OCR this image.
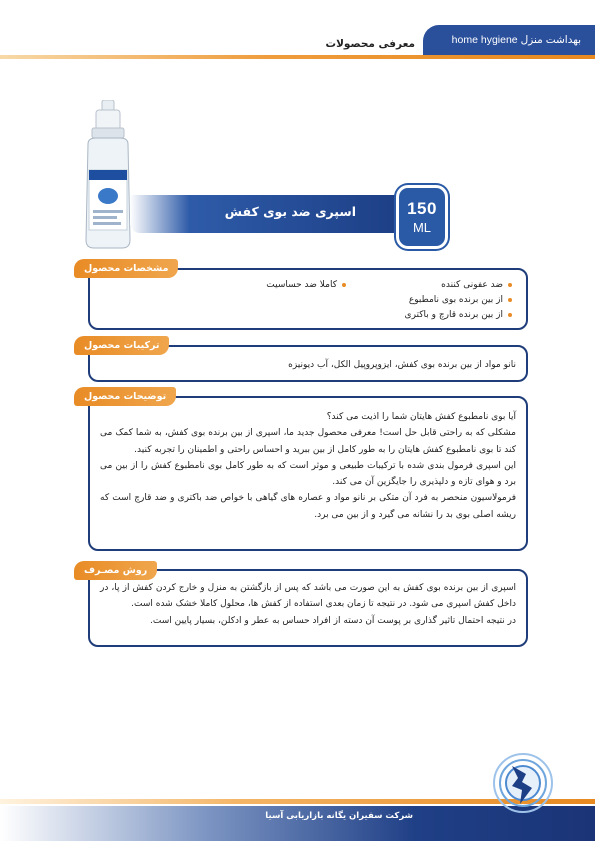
home hygiene بهداشت منزل
معرفی محصولات
اسپری ضد بوی کفش	150
ML
ضد عفونی کننده
کاملا ضد حساسیت
از بین برنده بوی نامطبوع
از بین برنده قارچ و باکتری
مشخصات محصول
نانو مواد از بین برنده بوی کفش، ایزوپروپیل الکل، آب دیونیزه
ترکیبات محصول
آیا بوی نامطبوع کفش هایتان شما را اذیت می کند؟
مشکلی که به راحتی قابل حل است! معرفی محصول جدید ما، اسپری از بین برنده بوی کفش، به شما کمک می کند تا بوی نامطبوع کفش هایتان را به طور کامل از بین ببرید و احساس راحتی و اطمینان را تجربه کنید.
این اسپری فرمول بندی شده با ترکیبات طبیعی و موثر است که به طور کامل بوی نامطبوع کفش را از بین می برد و هوای تازه و دلپذیری را جایگزین آن می کند.
فرمولاسیون منحصر به فرد آن متکی بر نانو مواد و عصاره های گیاهی با خواص ضد باکتری و ضد قارچ است که ریشه اصلی بوی بد را نشانه می گیرد و از بین می برد.
توضیحات محصول
اسپری از بین برنده بوی کفش به این صورت می باشد که پس از بازگشتن به منزل و خارج کردن کفش از پا، در داخل کفش اسپری می شود. در نتیجه تا زمان بعدی استفاده از کفش ها، محلول کاملا خشک شده است.
در نتیجه احتمال تاثیر گذاری بر پوست آن دسته از افراد حساس به عطر و ادکلن، بسیار پایین است.
روش مصـرف
شرکت سفیران یگانه بازاریابی آسیا
